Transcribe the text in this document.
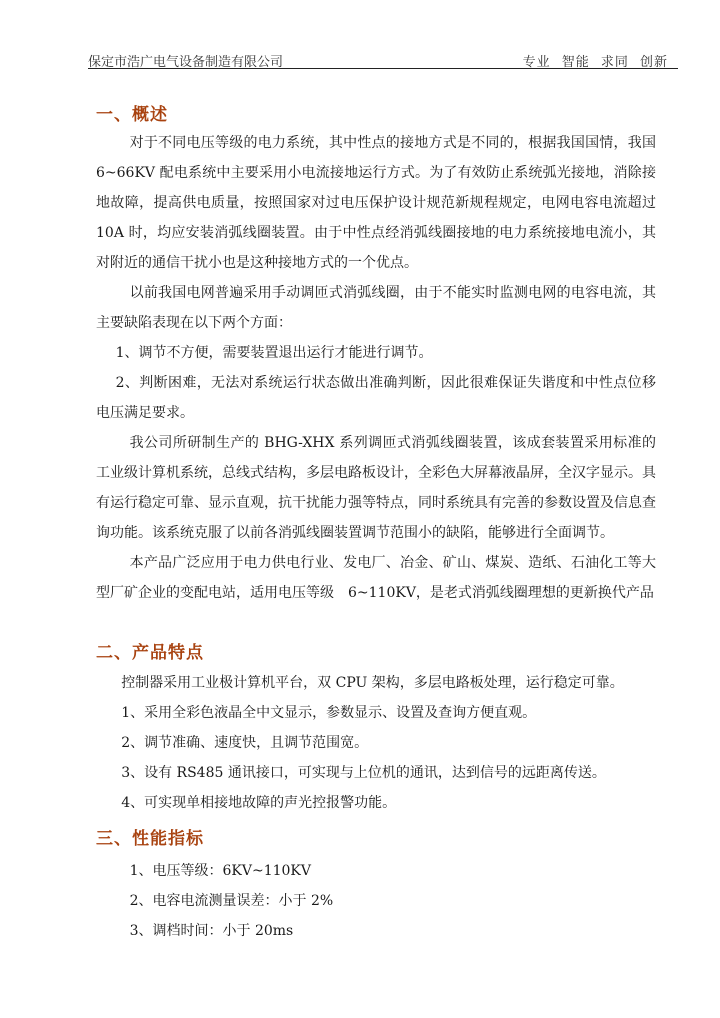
保定市浩广电气设备制造有限公司	专业 智能 求同 创新
一、概述

对于不同电压等级的电力系统，其中性点的接地方式是不同的，根据我国国情，我国6~66KV 配电系统中主要采用小电流接地运行方式。为了有效防止系统弧光接地，消除接地故障，提高供电质量，按照国家对过电压保护设计规范新规程规定，电网电容电流超过10A 时，均应安装消弧线圈装置。由于中性点经消弧线圈接地的电力系统接地电流小，其对附近的通信干扰小也是这种接地方式的一个优点。

以前我国电网普遍采用手动调匝式消弧线圈，由于不能实时监测电网的电容电流，其主要缺陷表现在以下两个方面：

1、调节不方便，需要装置退出运行才能进行调节。

2、判断困难，无法对系统运行状态做出准确判断，因此很难保证失谐度和中性点位移电压满足要求。

我公司所研制生产的 BHG-XHX 系列调匝式消弧线圈装置，该成套装置采用标准的工业级计算机系统，总线式结构，多层电路板设计，全彩色大屏幕液晶屏，全汉字显示。具有运行稳定可靠、显示直观，抗干扰能力强等特点，同时系统具有完善的参数设置及信息查询功能。该系统克服了以前各消弧线圈装置调节范围小的缺陷，能够进行全面调节。

本产品广泛应用于电力供电行业、发电厂、冶金、矿山、煤炭、造纸、石油化工等大型厂矿企业的变配电站，适用电压等级　6~110KV，是老式消弧线圈理想的更新换代产品

二、产品特点

控制器采用工业极计算机平台，双 CPU 架构，多层电路板处理，运行稳定可靠。

1、采用全彩色液晶全中文显示，参数显示、设置及查询方便直观。

2、调节准确、速度快，且调节范围宽。

3、设有 RS485 通讯接口，可实现与上位机的通讯，达到信号的远距离传送。

4、可实现单相接地故障的声光控报警功能。

三、性能指标

1、电压等级：6KV~110KV

2、电容电流测量误差：小于 2%

3、调档时间：小于 20ms
